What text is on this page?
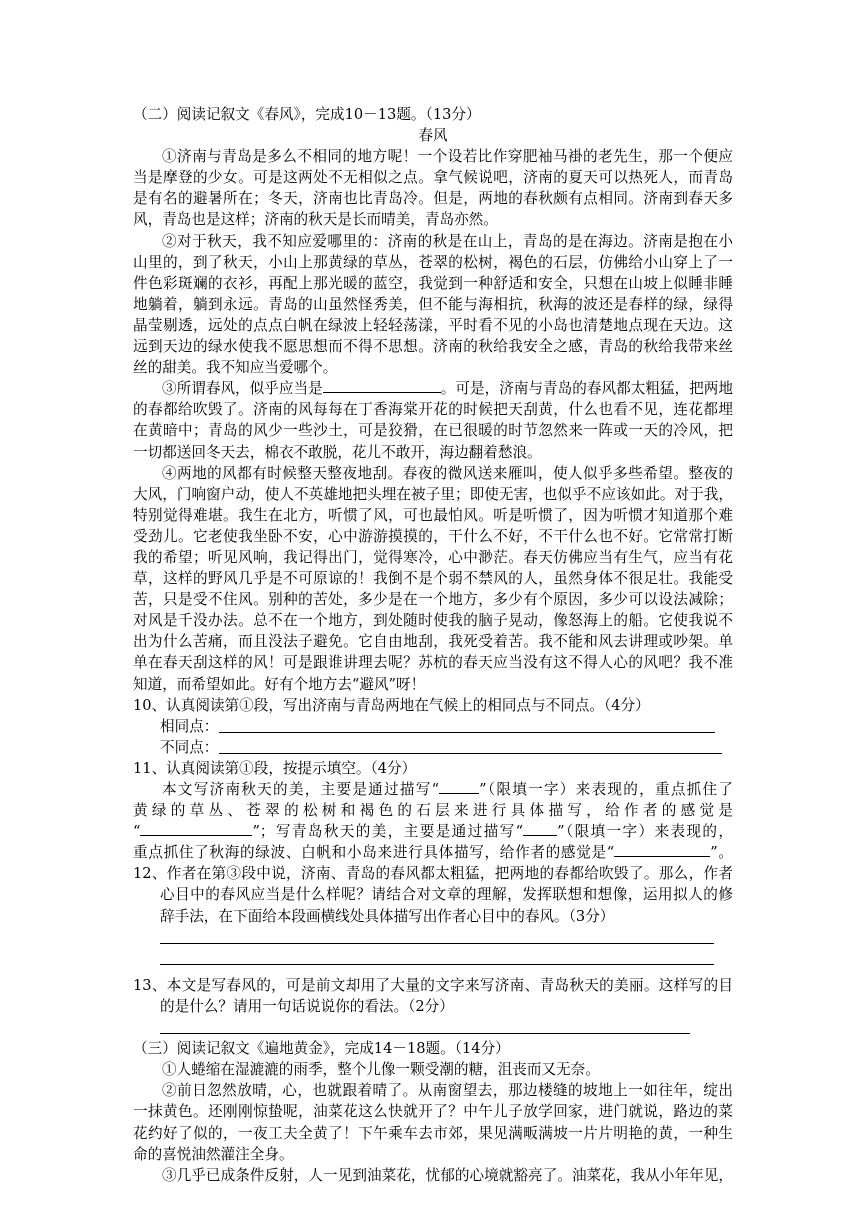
（二）阅读记叙文《春风》，完成10－13题。（13分）
春风
①济南与青岛是多么不相同的地方呢！一个设若比作穿肥袖马褂的老先生，那一个便应
当是摩登的少女。可是这两处不无相似之点。拿气候说吧，济南的夏天可以热死人，而青岛
是有名的避暑所在；冬天，济南也比青岛冷。但是，两地的春秋颇有点相同。济南到春天多
风，青岛也是这样；济南的秋天是长而晴美，青岛亦然。
②对于秋天，我不知应爱哪里的：济南的秋是在山上，青岛的是在海边。济南是抱在小
山里的，到了秋天，小山上那黄绿的草丛，苍翠的松树，褐色的石层，仿佛给小山穿上了一
件色彩斑斓的衣衫，再配上那光暖的蓝空，我觉到一种舒适和安全，只想在山坡上似睡非睡
地躺着，躺到永远。青岛的山虽然怪秀美，但不能与海相抗，秋海的波还是春样的绿，绿得
晶莹剔透，远处的点点白帆在绿波上轻轻荡漾，平时看不见的小岛也清楚地点现在天边。这
远到天边的绿水使我不愿思想而不得不思想。济南的秋给我安全之感，青岛的秋给我带来丝
丝的甜美。我不知应当爱哪个。
③所谓春风，似乎应当是	。可是，济南与青岛的春风都太粗猛，把两地
的春都给吹毁了。济南的风每每在丁香海棠开花的时候把天刮黄，什么也看不见，连花都埋
在黄暗中；青岛的风少一些沙土，可是狡猾，在已很暖的时节忽然来一阵或一天的冷风，把
一切都送回冬天去，棉衣不敢脱，花儿不敢开，海边翻着愁浪。
④两地的风都有时候整天整夜地刮。春夜的微风送来雁叫，使人似乎多些希望。整夜的
大风，门响窗户动，使人不英雄地把头埋在被子里；即使无害，也似乎不应该如此。对于我，
特别觉得难堪。我生在北方，听惯了风，可也最怕风。听是听惯了，因为听惯才知道那个难
受劲儿。它老使我坐卧不安，心中游游摸摸的，干什么不好，不干什么也不好。它常常打断
我的希望；听见风响，我记得出门，觉得寒冷，心中渺茫。春天仿佛应当有生气，应当有花
草，这样的野风几乎是不可原谅的！我倒不是个弱不禁风的人，虽然身体不很足壮。我能受
苦，只是受不住风。别种的苦处，多少是在一个地方，多少有个原因，多少可以设法减除；
对风是千没办法。总不在一个地方，到处随时使我的脑子晃动，像怒海上的船。它使我说不
出为什么苦痛，而且没法子避免。它自由地刮，我死受着苦。我不能和风去讲理或吵架。单
单在春天刮这样的风！可是跟谁讲理去呢？苏杭的春天应当没有这不得人心的风吧？我不准
知道，而希望如此。好有个地方去“避风”呀！
10、认真阅读第①段，写出济南与青岛两地在气候上的相同点与不同点。（4分）
相同点：
不同点：
11、认真阅读第①段，按提示填空。（4分）
本文写济南秋天的美，主要是通过描写“	”（限填一字）来表现的，重点抓住了
黄绿的草丛、苍翠的松树和褐色的石层来进行具体描写，给作者的感觉是
“	”；写青岛秋天的美，主要是通过描写“ ”（限填一字）来表现的，
重点抓住了秋海的绿波、白帆和小岛来进行具体描写，给作者的感觉是“	”。
12、作者在第③段中说，济南、青岛的春风都太粗猛，把两地的春都给吹毁了。那么，作者
心目中的春风应当是什么样呢？请结合对文章的理解，发挥联想和想像，运用拟人的修
辞手法，在下面给本段画横线处具体描写出作者心目中的春风。（3分）
13、本文是写春风的，可是前文却用了大量的文字来写济南、青岛秋天的美丽。这样写的目
的是什么？请用一句话说说你的看法。（2分）
（三）阅读记叙文《遍地黄金》，完成14－18题。（14分）
①人蜷缩在湿漉漉的雨季，整个儿像一颗受潮的糖，沮丧而又无奈。
②前日忽然放晴，心，也就跟着晴了。从南窗望去，那边楼缝的坡地上一如往年，绽出
一抹黄色。还刚刚惊蛰呢，油菜花这么快就开了？中午儿子放学回家，进门就说，路边的菜
花约好了似的，一夜工夫全黄了！下午乘车去市郊，果见满畈满坡一片片明艳的黄，一种生
命的喜悦油然灌注全身。
③几乎已成条件反射，人一见到油菜花，忧郁的心境就豁亮了。油菜花，我从小年年见，
